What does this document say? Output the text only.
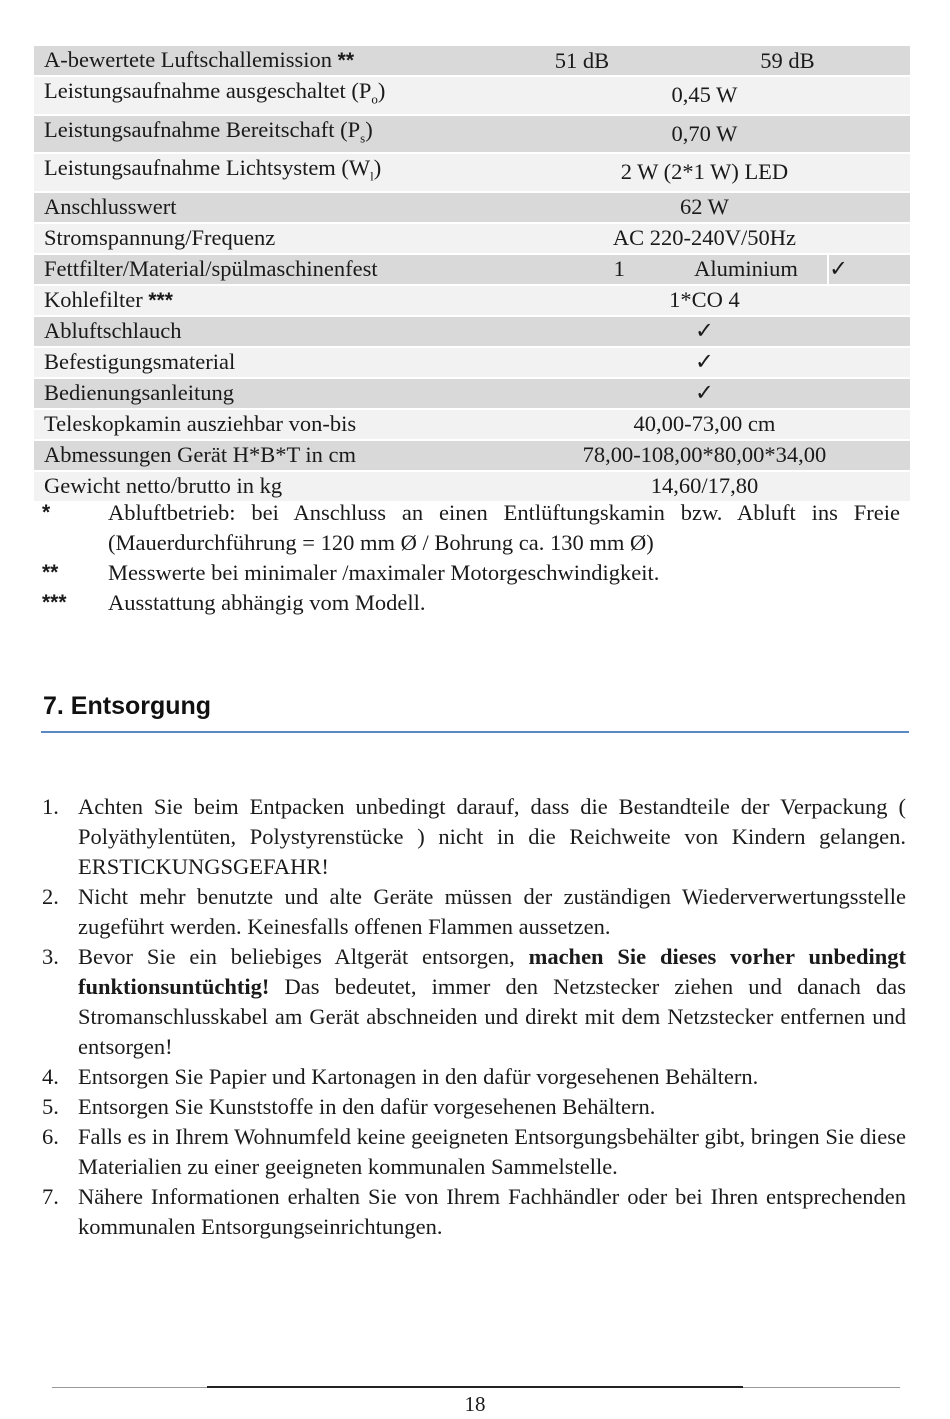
A-bewertete Luftschallemission **	51 dB	59 dB	
Leistungsaufnahme ausgeschaltet $(P_o)$	0,45 W		
Leistungsaufnahme Bereitschaft $(P_s)$	0,70 W		
Leistungsaufnahme Lichtsystem $(W_l)$	2 W (2*1 W) LED		
Anschlusswert	62 W		
Stromspannung/Frequenz	AC 220-240V/50Hz		
Fettfilter/Material/spülmaschinenfest	1	Aluminium	✓
Kohlefilter ***	1*CO 4		
Abluftschlauch	✓		
Befestigungsmaterial	✓		
Bedienungsanleitung	✓		
Teleskopkamin ausziehbar von-bis	40,00-73,00 cm		
Abmessungen Gerät H*B*T in cm	78,00-108,00*80,00*34,00		
Gewicht netto/brutto in kg	14,60/17,80		
*	Abluftbetrieb: bei Anschluss an einen Entlüftungskamin bzw. Abluft ins Freie (Mauerdurchführung = 120 mm Ø / Bohrung ca. 130 mm Ø)
**	Messwerte bei minimaler /maximaler Motorgeschwindigkeit.
***	Ausstattung abhängig vom Modell.
7. Entsorgung
1. Achten Sie beim Entpacken unbedingt darauf, dass die Bestandteile der Verpackung ( Polyäthylentüten, Polystyrenstücke ) nicht in die Reichweite von Kindern gelangen. ERSTICKUNGSGEFAHR!
2. Nicht mehr benutzte und alte Geräte müssen der zuständigen Wiederverwertungsstelle zugeführt werden. Keinesfalls offenen Flammen aussetzen.
3. Bevor Sie ein beliebiges Altgerät entsorgen, machen Sie dieses vorher unbedingt funktionsuntüchtig! Das bedeutet, immer den Netzstecker ziehen und danach das Stromanschlusskabel am Gerät abschneiden und direkt mit dem Netzstecker entfernen und entsorgen!
4. Entsorgen Sie Papier und Kartonagen in den dafür vorgesehenen Behältern.
5. Entsorgen Sie Kunststoffe in den dafür vorgesehenen Behältern.
6. Falls es in Ihrem Wohnumfeld keine geeigneten Entsorgungsbehälter gibt, bringen Sie diese Materialien zu einer geeigneten kommunalen Sammelstelle.
7. Nähere Informationen erhalten Sie von Ihrem Fachhändler oder bei Ihren entsprechenden kommunalen Entsorgungseinrichtungen.
18
